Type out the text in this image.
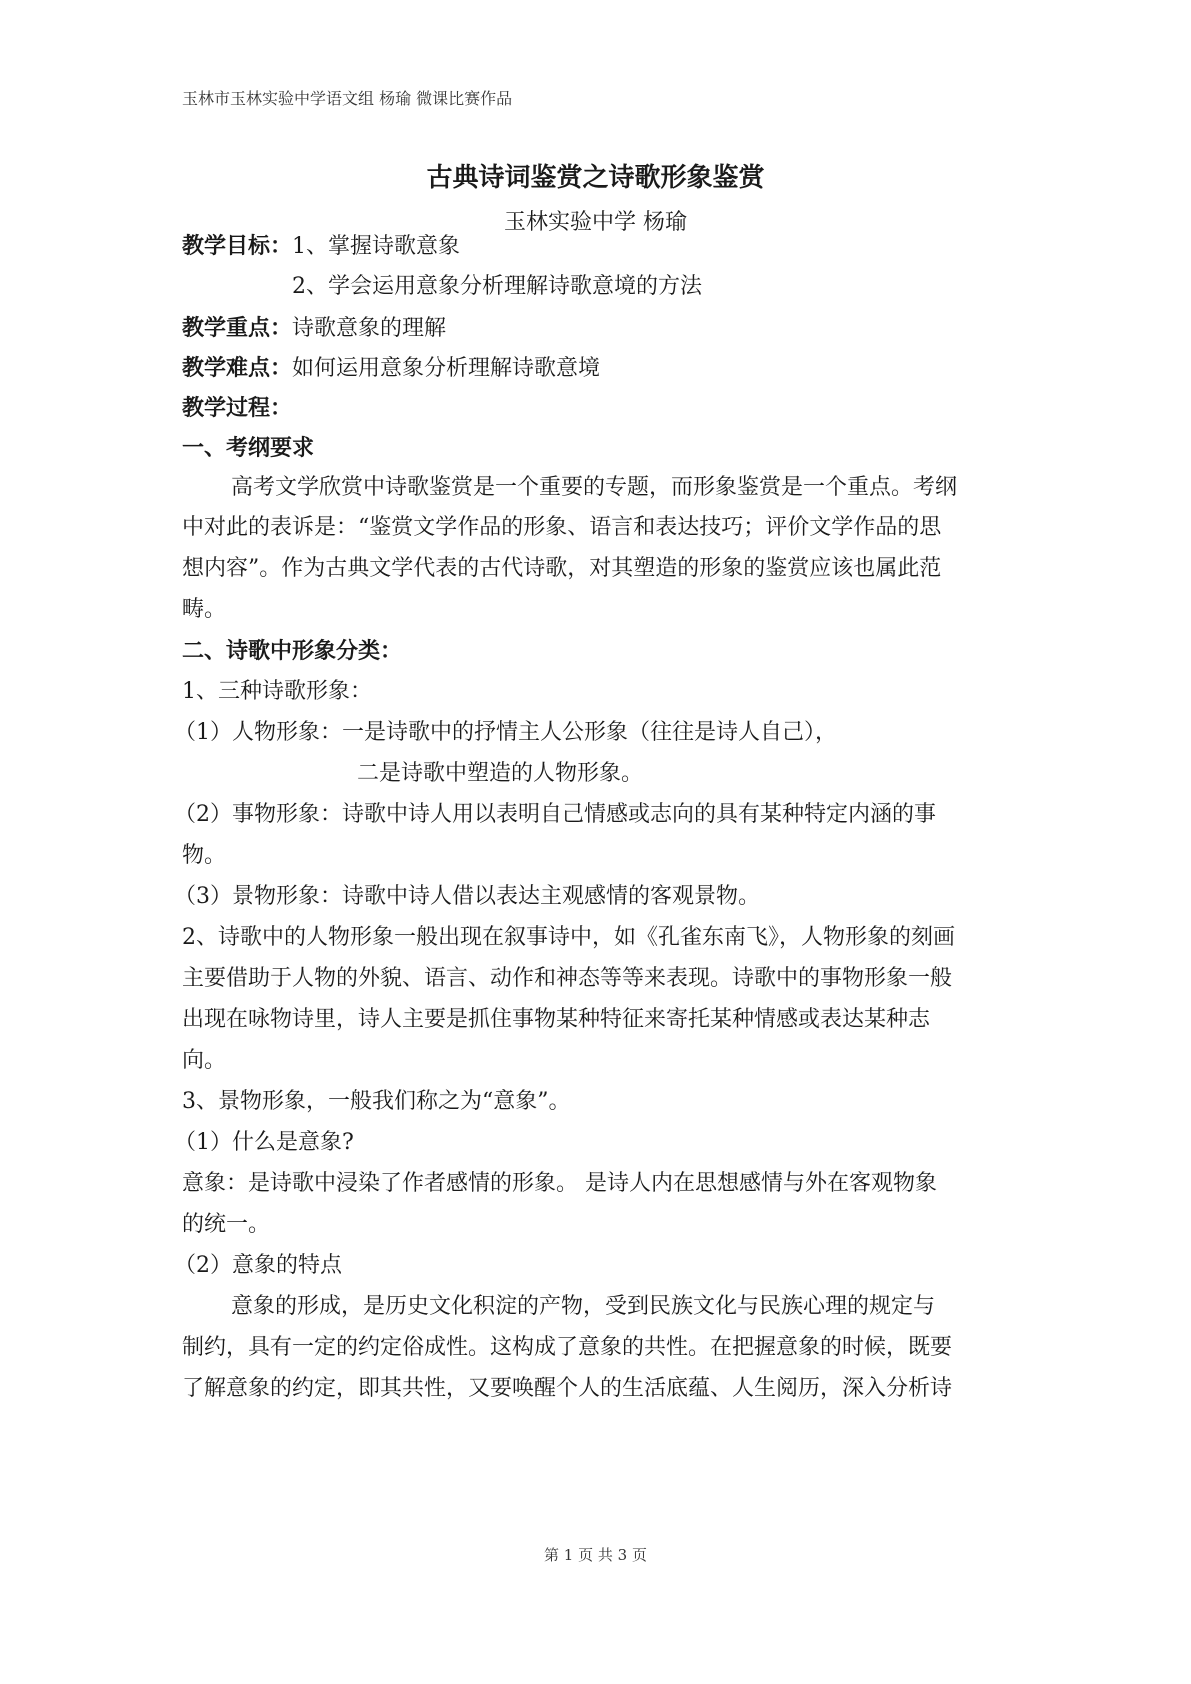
玉林市玉林实验中学语文组 杨瑜 微课比赛作品
古典诗词鉴赏之诗歌形象鉴赏
玉林实验中学 杨瑜
教学目标：1、掌握诗歌意象
2、学会运用意象分析理解诗歌意境的方法
教学重点：诗歌意象的理解
教学难点：如何运用意象分析理解诗歌意境
教学过程：
一、考纲要求
高考文学欣赏中诗歌鉴赏是一个重要的专题，而形象鉴赏是一个重点。考纲
中对此的表诉是：“鉴赏文学作品的形象、语言和表达技巧；评价文学作品的思
想内容”。作为古典文学代表的古代诗歌，对其塑造的形象的鉴赏应该也属此范
畴。
二、诗歌中形象分类：
1、三种诗歌形象：
（1）人物形象：一是诗歌中的抒情主人公形象（往往是诗人自己），
二是诗歌中塑造的人物形象。
（2）事物形象：诗歌中诗人用以表明自己情感或志向的具有某种特定内涵的事
物。
（3）景物形象：诗歌中诗人借以表达主观感情的客观景物。
2、诗歌中的人物形象一般出现在叙事诗中，如《孔雀东南飞》，人物形象的刻画
主要借助于人物的外貌、语言、动作和神态等等来表现。诗歌中的事物形象一般
出现在咏物诗里，诗人主要是抓住事物某种特征来寄托某种情感或表达某种志
向。
3、景物形象，一般我们称之为“意象”。
（1）什么是意象?
意象：是诗歌中浸染了作者感情的形象。 是诗人内在思想感情与外在客观物象
的统一。
（2）意象的特点
意象的形成，是历史文化积淀的产物，受到民族文化与民族心理的规定与
制约，具有一定的约定俗成性。这构成了意象的共性。在把握意象的时候，既要
了解意象的约定，即其共性，又要唤醒个人的生活底蕴、人生阅历，深入分析诗
第 1 页 共 3 页
